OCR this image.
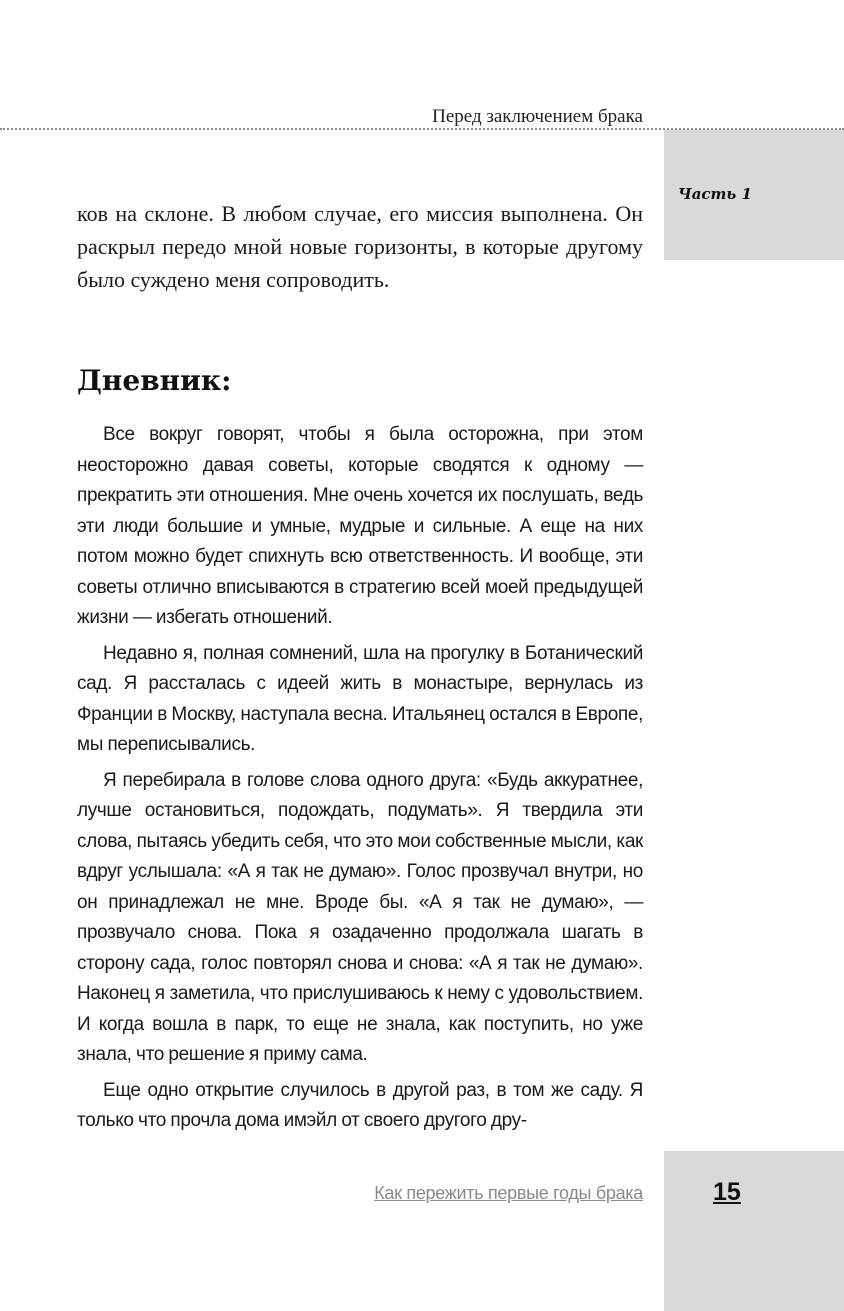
Перед заключением брака
Часть 1

ков на склоне. В любом случае, его миссия выполнена. Он раскрыл передо мной новые горизонты, в которые другому было суждено меня сопроводить.

Дневник:

Все вокруг говорят, чтобы я была осторожна, при этом неосторожно давая советы, которые сводятся к одному — прекратить эти отношения. Мне очень хочется их послушать, ведь эти люди большие и умные, мудрые и сильные. А еще на них потом можно будет спихнуть всю ответственность. И вообще, эти советы отлично вписываются в стратегию всей моей предыдущей жизни — избегать отношений.

Недавно я, полная сомнений, шла на прогулку в Ботанический сад. Я рассталась с идеей жить в монастыре, вернулась из Франции в Москву, наступала весна. Итальянец остался в Европе, мы переписывались.

Я перебирала в голове слова одного друга: «Будь аккуратнее, лучше остановиться, подождать, подумать». Я твердила эти слова, пытаясь убедить себя, что это мои собственные мысли, как вдруг услышала: «А я так не думаю». Голос прозвучал внутри, но он принадлежал не мне. Вроде бы. «А я так не думаю», — прозвучало снова. Пока я озадаченно продолжала шагать в сторону сада, голос повторял снова и снова: «А я так не думаю». Наконец я заметила, что прислушиваюсь к нему с удовольствием. И когда вошла в парк, то еще не знала, как поступить, но уже знала, что решение я приму сама.

Еще одно открытие случилось в другой раз, в том же саду. Я только что прочла дома имэйл от своего другого дру-

Как пережить первые годы брака	15
